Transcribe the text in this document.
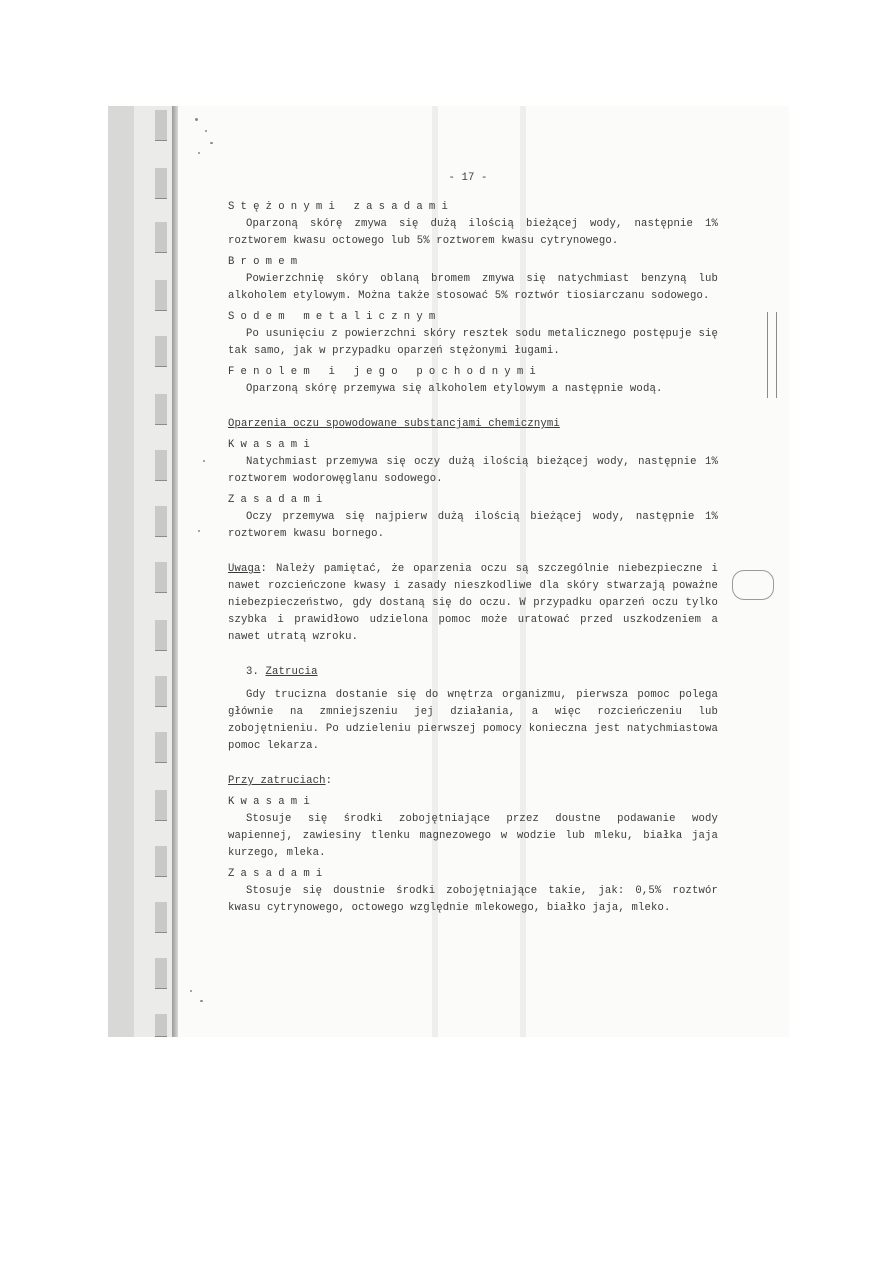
- 17 -
Stężonymi zasadami
Oparzoną skórę zmywa się dużą ilością bieżącej wody, następnie 1% roztworem kwasu octowego lub 5% roztworem kwasu cytrynowego.
Bromem
Powierzchnię skóry oblaną bromem zmywa się natychmiast benzyną lub alkoholem etylowym. Można także stosować 5% roztwór tiosiarczanu sodowego.
Sodem metalicznym
Po usunięciu z powierzchni skóry resztek sodu metalicznego postępuje się tak samo, jak w przypadku oparzeń stężonymi ługami.
Fenolem i jego pochodnymi
Oparzoną skórę przemywa się alkoholem etylowym a następnie wodą.
Oparzenia oczu spowodowane substancjami chemicznymi
Kwasami
Natychmiast przemywa się oczy dużą ilością bieżącej wody, następnie 1% roztworem wodorowęglanu sodowego.
Zasadami
Oczy przemywa się najpierw dużą ilością bieżącej wody, następnie 1% roztworem kwasu bornego.
Uwaga: Należy pamiętać, że oparzenia oczu są szczególnie niebezpieczne i nawet rozcieńczone kwasy i zasady nieszkodliwe dla skóry stwarzają poważne niebezpieczeństwo, gdy dostaną się do oczu. W przypadku oparzeń oczu tylko szybka i prawidłowo udzielona pomoc może uratować przed uszkodzeniem a nawet utratą wzroku.
3. Zatrucia
Gdy trucizna dostanie się do wnętrza organizmu, pierwsza pomoc polega głównie na zmniejszeniu jej działania, a więc rozcieńczeniu lub zobojętnieniu. Po udzieleniu pierwszej pomocy konieczna jest natychmiastowa pomoc lekarza.
Przy zatruciach:
Kwasami
Stosuje się środki zobojętniające przez doustne podawanie wody wapiennej, zawiesiny tlenku magnezowego w wodzie lub mleku, białka jaja kurzego, mleka.
Zasadami
Stosuje się doustnie środki zobojętniające takie, jak: 0,5% roztwór kwasu cytrynowego, octowego względnie mlekowego, białko jaja, mleko.
